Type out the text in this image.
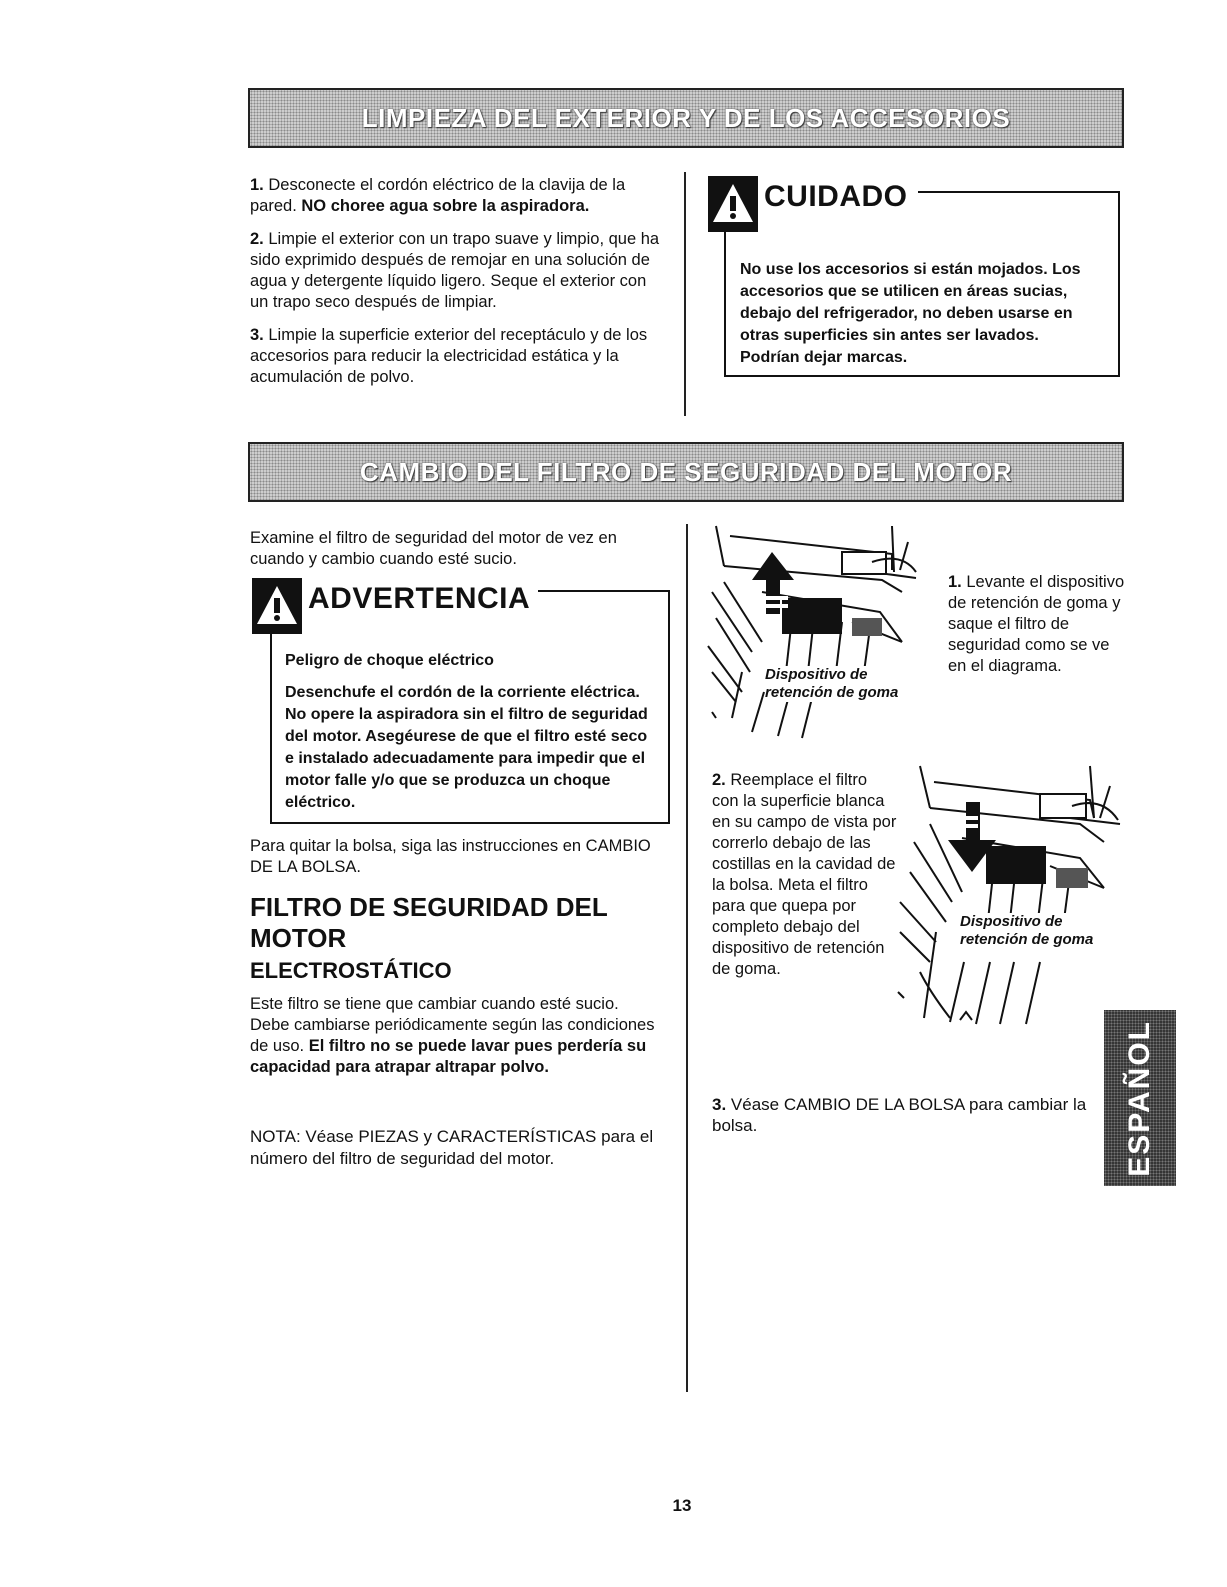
LIMPIEZA DEL EXTERIOR Y DE LOS ACCESORIOS

1. Desconecte el cordón eléctrico de la clavija de la pared. NO choree agua sobre la aspiradora.

2. Limpie el exterior con un trapo suave y limpio, que ha sido exprimido después de remojar en una solución de agua y detergente líquido ligero. Seque el exterior con un trapo seco después de limpiar.

3. Limpie la superficie exterior del receptáculo y de los accesorios para reducir la electricidad estática y la acumulación de polvo.

CUIDADO
No use los accesorios si están mojados. Los accesorios que se utilicen en áreas sucias, debajo del refrigerador, no deben usarse en otras superficies sin antes ser lavados. Podrían dejar marcas.
CAMBIO DEL FILTRO DE SEGURIDAD DEL MOTOR
Examine el filtro de seguridad del motor de vez en cuando y cambio cuando esté sucio.
ADVERTENCIA
Peligro de choque eléctrico
Desenchufe el cordón de la corriente eléctrica. No opere la aspiradora sin el filtro de seguridad del motor. Asegéurese de que el filtro esté seco e instalado adecuadamente para impedir que el motor falle y/o que se produzca un choque eléctrico.
Para quitar la bolsa, siga las instrucciones en CAMBIO DE LA BOLSA.

FILTRO DE SEGURIDAD DEL MOTOR

ELECTROSTÁTICO

Este filtro se tiene que cambiar cuando esté sucio. Debe cambiarse periódicamente según las condiciones de uso. El filtro no se puede lavar pues perdería su capacidad para atrapar altrapar polvo.
NOTA: Véase PIEZAS y CARACTERÍSTICAS para el número del filtro de seguridad del motor.
Dispositivo de
retención de goma
1. Levante el dispositivo de retención de goma y saque el filtro de seguridad como se ve en el diagrama.
2. Reemplace el filtro con la superficie blanca en su campo de vista por correrlo debajo de las costillas en la cavidad de la bolsa. Meta el filtro para que quepa por completo debajo del dispositivo de retención de goma.
Dispositivo de
retención de goma
3. Véase CAMBIO DE LA BOLSA para cambiar la bolsa.	ESPAÑOL
13
